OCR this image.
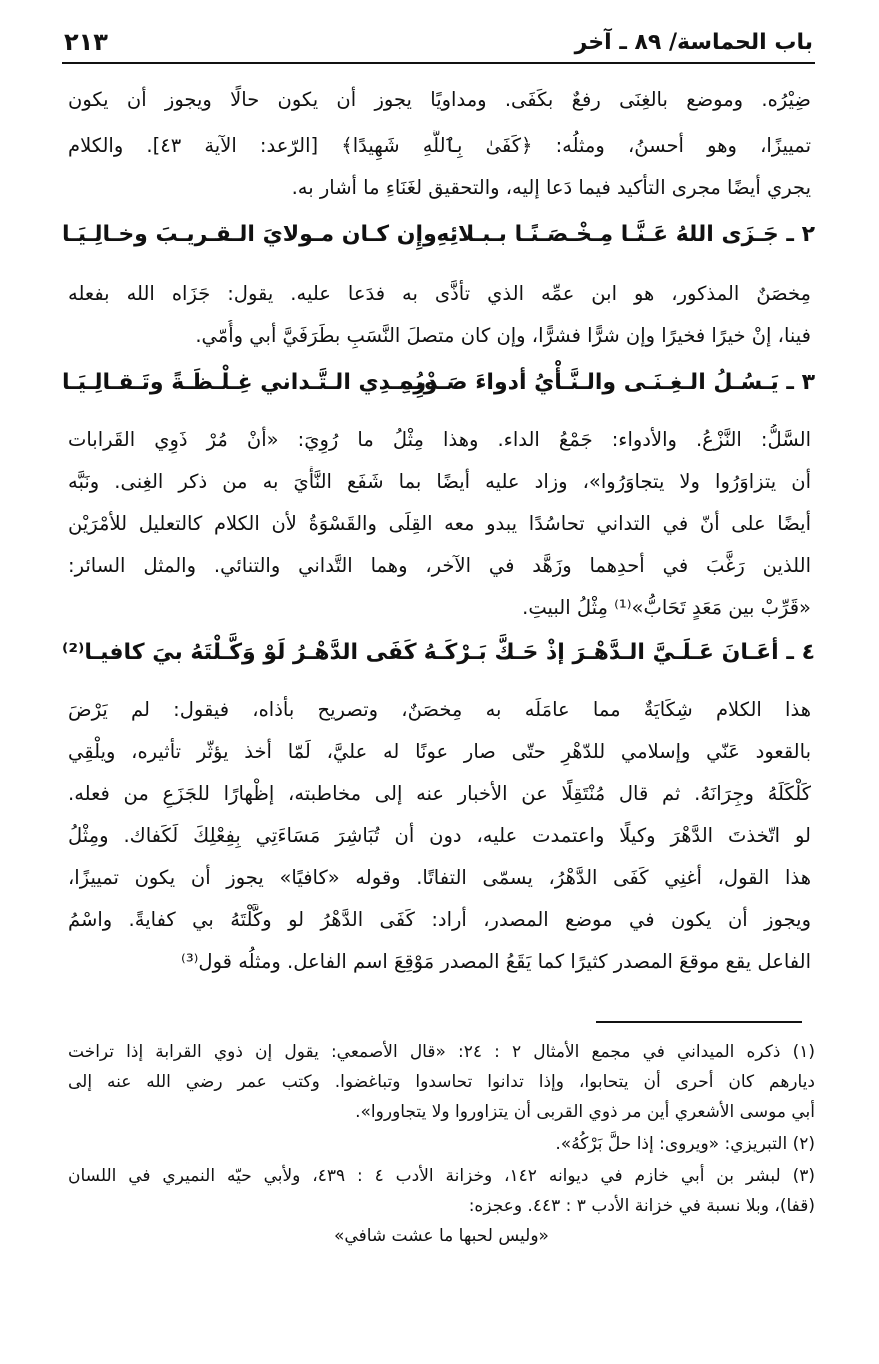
باب الحماسة/ ٨٩ ـ آخر
٢١٣
ضِيْرُه. وموضع بالغِنَى رفعٌ بكَفَى. ومداويًا يجوز أن يكون حالًا ويجوز أن يكون
تمييزًا، وهو أحسنُ، ومثلُه: ﴿كَفَىٰ بِٱللَّهِ شَهِيدًا﴾ [الرّعد: الآية ٤٣]. والكلام
يجري أيضًا مجرى التأكيد فيما دَعا إليه، والتحقيق لغَنَاءِ ما أشار به.
٢ ـ جَـزَى اللهُ عَـنَّـا مِـخْـصَـنًـا بـبـلائِهِ
وإِن كـان مـولايَ الـقـريـبَ وخـالِـيَـا
مِخصَنٌ المذكور، هو ابن عمِّه الذي تأذَّى به فدَعا عليه. يقول: جَزَاه الله بفعله
فينا، إنْ خيرًا فخيرًا وإن شرًّا فشرًّا، وإن كان متصلَ النَّسَبِ بطَرَفَيَّ أبي وأُمّي.
٣ ـ يَـسُـلُ الـغِـنَـى والـنَّـأْيُ أدواءَ صَـدْرِهِ
ويُـبـدِي الـتَّـداني غِـلْـظَـةً وتَـقـالِـيَـا
السَّلُّ: النَّزْعُ. والأدواء: جَمْعُ الداء. وهذا مِثْلُ ما رُوِيَ: «أنْ مُرْ ذَوِي القَرابات
أن يتزاوَرُوا ولا يتجاوَرُوا»، وزاد عليه أيضًا بما شَفَع النَّأْيَ به من ذكر الغِنى. ونَبَّه
أيضًا على أنّ في التداني تحاسُدًا يبدو معه القِلَى والقَسْوَةُ لأن الكلام كالتعليل للأمْرَيْن
اللذين رَغَّبَ في أحدِهما وزَهَّد في الآخر، وهما التَّداني والتنائي. والمثل السائر:
«قَرِّبْ بين مَعَدٍ تَحَابُّ»⁽¹⁾ مِثْلُ البيتِ.
٤ ـ أعَـانَ عَـلَـيَّ الـدَّهْـرَ إذْ حَـكَّ بَـرْكَـهُ
كَفَى الدَّهْـرُ لَوْ وَكَّـلْتَهُ بيَ كافيـا⁽²⁾
هذا الكلام شِكَايَةٌ مما عامَلَه به مِخصَنٌ، وتصريح بأذاه، فيقول: لم يَرْضَ
بالقعود عَنّي وإسلامي للدّهْرِ حتّى صار عونًا له عليَّ، لَمّا أخذ يؤثّر تأثيره، ويلْقِي
كَلْكَلَهُ وجِرَانَهُ. ثم قال مُنْتَقِلًا عن الأخبار عنه إلى مخاطبته، إظْهارًا للجَزَعِ من فعله.
لو اتّخذتَ الدَّهْرَ وكيلًا واعتمدت عليه، دون أن تُبَاشِرَ مَسَاءَتِي بِفِعْلِكَ لَكَفاك. ومِثْلُ
هذا القول، أغنِي كَفَى الدَّهْرُ، يسمّى التفاتًا. وقوله «كافيًا» يجوز أن يكون تمييزًا،
ويجوز أن يكون في موضع المصدر، أراد: كَفَى الدَّهْرُ لو وكَّلْتَهُ بي كفايةً. واسْمُ
الفاعل يقع موقعَ المصدر كثيرًا كما يَقَعُ المصدر مَوْقِعَ اسم الفاعل. ومثلُه قول⁽³⁾
(١) ذكره الميداني في مجمع الأمثال ٢ : ٢٤: «قال الأصمعي: يقول إن ذوي القرابة إذا تراخت
ديارهم كان أحرى أن يتحابوا، وإذا تدانوا تحاسدوا وتباغضوا. وكتب عمر رضي الله عنه إلى
أبي موسى الأشعري أين مر ذوي القربى أن يتزاوروا ولا يتجاوروا».
(٢) التبريزي: «ويروى: إذا حلَّ بَرْكُهُ».
(٣) لبشر بن أبي خازم في ديوانه ١٤٢، وخزانة الأدب ٤ : ٤٣٩، ولأبي حيّه النميري في اللسان
(قفا)، وبلا نسبة في خزانة الأدب ٣ : ٤٤٣. وعجزه:
«وليس لحبها ما عشت شافي»
